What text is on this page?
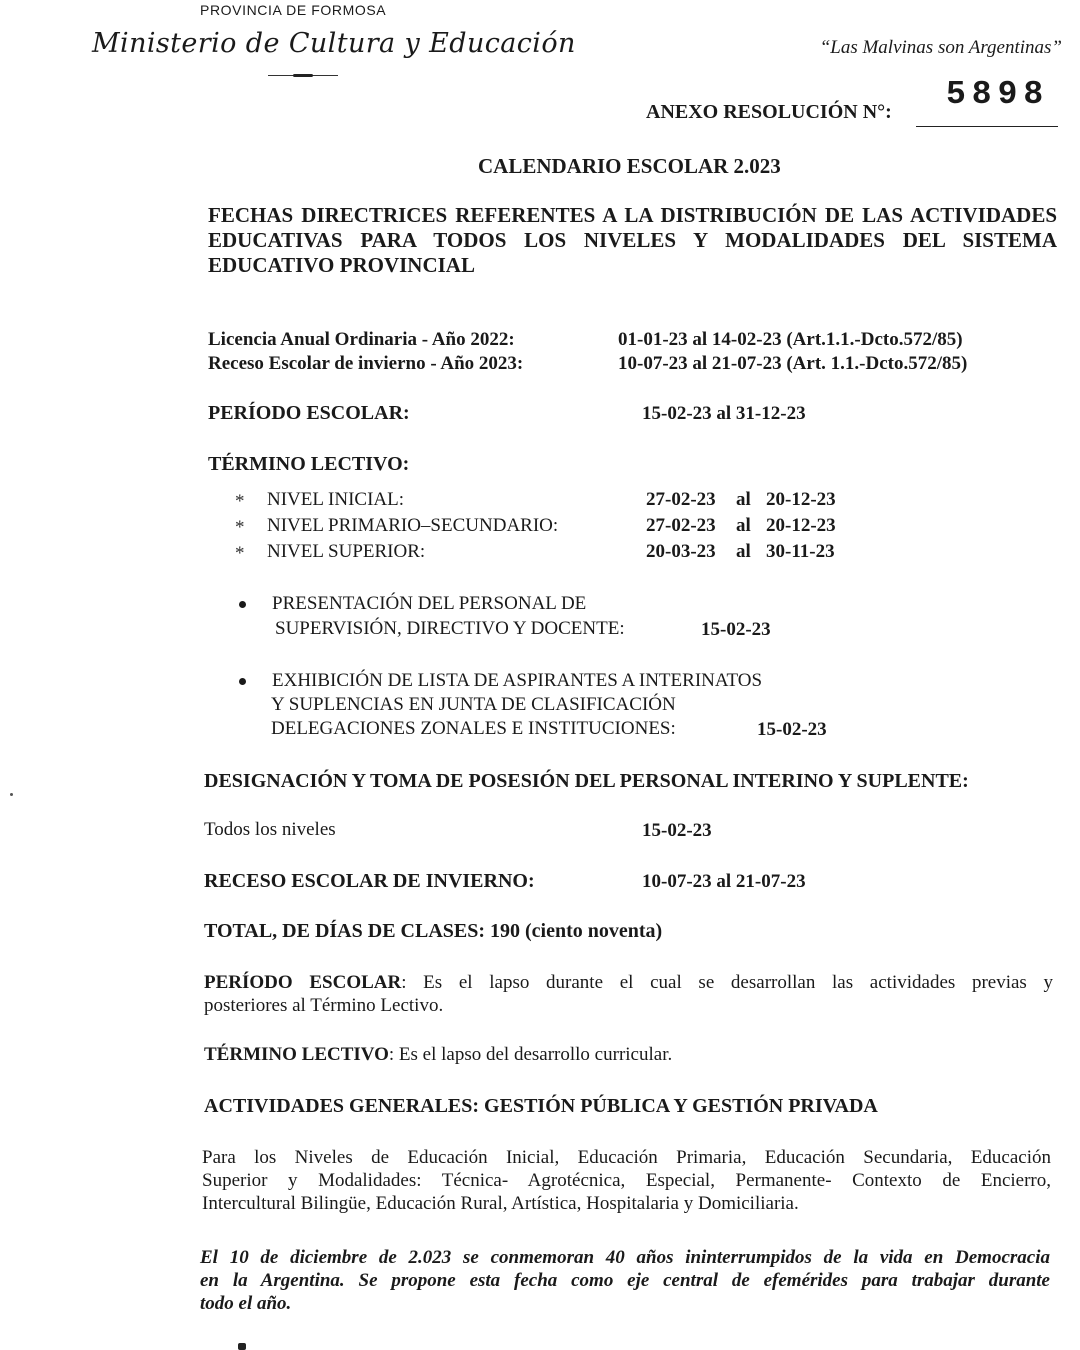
PROVINCIA DE FORMOSA
Ministerio de Cultura y Educación	“Las Malvinas son Argentinas”
ANEXO RESOLUCIÓN N°: 5898
CALENDARIO ESCOLAR 2.023
FECHAS DIRECTRICES REFERENTES A LA DISTRIBUCIÓN DE LAS ACTIVIDADES
EDUCATIVAS PARA TODOS LOS NIVELES Y MODALIDADES DEL SISTEMA
EDUCATIVO PROVINCIAL
Licencia Anual Ordinaria - Año 2022:	01-01-23 al 14-02-23 (Art.1.1.-Dcto.572/85)
Receso Escolar de invierno - Año 2023:	10-07-23 al 21-07-23 (Art. 1.1.-Dcto.572/85)
PERÍODO ESCOLAR:	15-02-23 al 31-12-23
TÉRMINO LECTIVO:
* NIVEL INICIAL:	27-02-23 al 20-12-23
* NIVEL PRIMARIO–SECUNDARIO:	27-02-23 al 20-12-23
* NIVEL SUPERIOR:	20-03-23 al 30-11-23
PRESENTACIÓN DEL PERSONAL DE
SUPERVISIÓN, DIRECTIVO Y DOCENTE:	15-02-23
EXHIBICIÓN DE LISTA DE ASPIRANTES A INTERINATOS
Y SUPLENCIAS EN JUNTA DE CLASIFICACIÓN
DELEGACIONES ZONALES E INSTITUCIONES:	15-02-23
DESIGNACIÓN Y TOMA DE POSESIÓN DEL PERSONAL INTERINO Y SUPLENTE:
Todos los niveles	15-02-23
RECESO ESCOLAR DE INVIERNO:	10-07-23 al 21-07-23
TOTAL, DE DÍAS DE CLASES: 190 (ciento noventa)
PERÍODO ESCOLAR: Es el lapso durante el cual se desarrollan las actividades previas y
posteriores al Término Lectivo.
TÉRMINO LECTIVO: Es el lapso del desarrollo curricular.
ACTIVIDADES GENERALES: GESTIÓN PÚBLICA Y GESTIÓN PRIVADA
Para los Niveles de Educación Inicial, Educación Primaria, Educación Secundaria, Educación
Superior y Modalidades: Técnica- Agrotécnica, Especial, Permanente- Contexto de Encierro,
Intercultural Bilingüe, Educación Rural, Artística, Hospitalaria y Domiciliaria.
El 10 de diciembre de 2.023 se conmemoran 40 años ininterrumpidos de la vida en Democracia
en la Argentina. Se propone esta fecha como eje central de efemérides para trabajar durante
todo el año.
